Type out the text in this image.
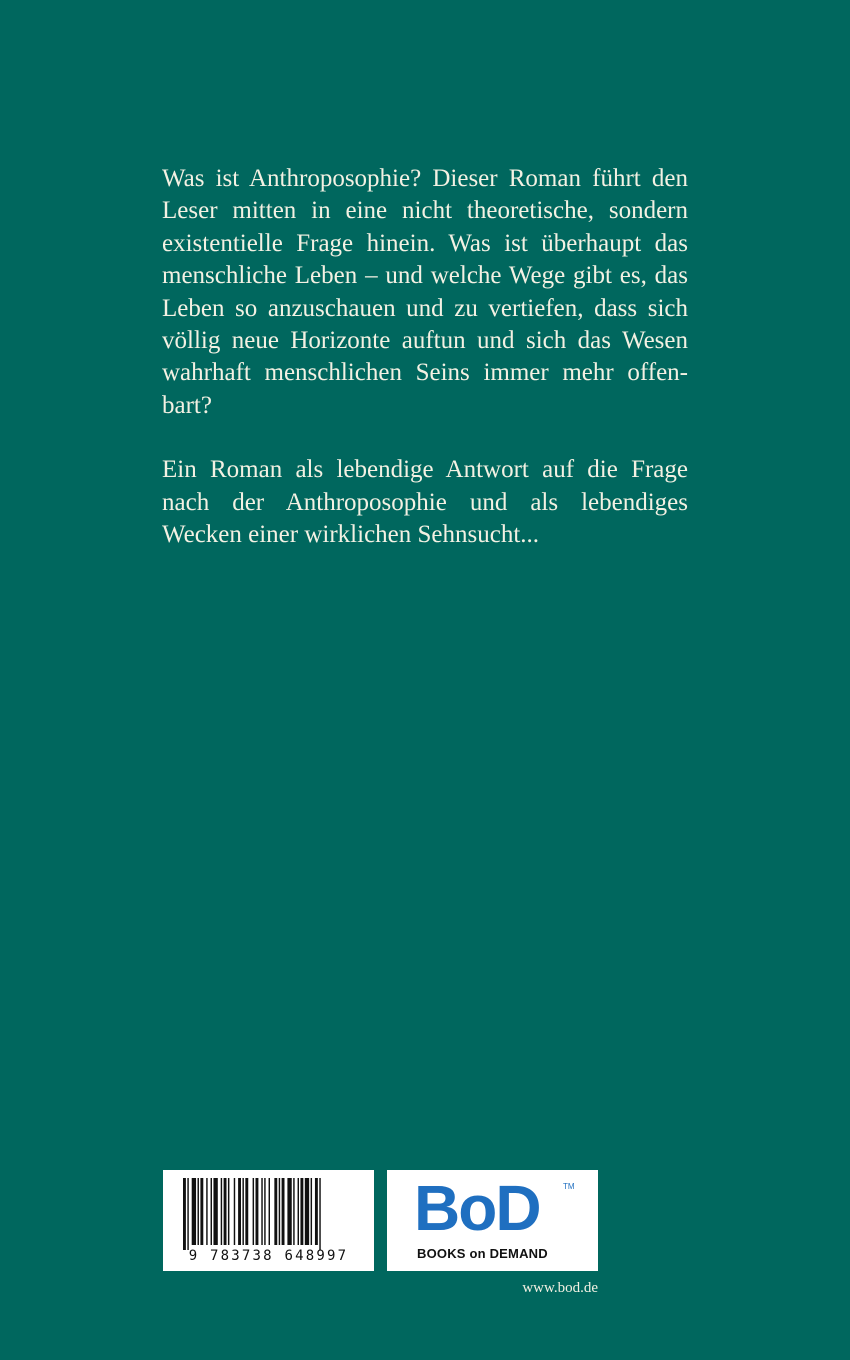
Was ist Anthroposophie? Dieser Roman führt den Leser mitten in eine nicht theoretische, sondern existentielle Frage hinein. Was ist überhaupt das menschliche Leben – und welche Wege gibt es, das Leben so anzuschauen und zu vertiefen, dass sich völlig neue Horizonte auftun und sich das Wesen wahrhaft menschlichen Seins immer mehr offenbart?

Ein Roman als lebendige Antwort auf die Frage nach der Anthroposophie und als lebendiges Wecken einer wirklichen Sehnsucht...

9 783738 648997
BoD	TM
BOOKS on DEMAND
www.bod.de
